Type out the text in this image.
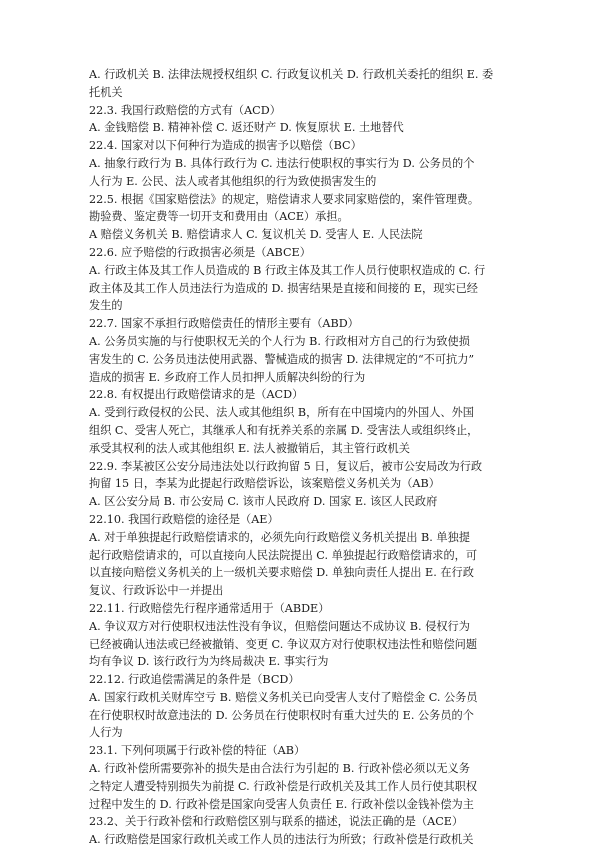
A. 行政机关 B. 法律法规授权组织 C. 行政复议机关 D. 行政机关委托的组织 E. 委
托机关
22.3. 我国行政赔偿的方式有（ACD）
A. 金钱赔偿 B. 精神补偿 C. 返还财产 D. 恢复原状 E. 土地替代
22.4. 国家对以下何种行为造成的损害予以赔偿（BC）
A. 抽象行政行为 B. 具体行政行为 C. 违法行使职权的事实行为 D. 公务员的个
人行为 E. 公民、法人或者其他组织的行为致使损害发生的
22.5. 根据《国家赔偿法》的规定，赔偿请求人要求同家赔偿的，案件管理费。
勘验费、鉴定费等一切开支和费用由（ACE）承担。
A 赔偿义务机关 B. 赔偿请求人 C. 复议机关 D. 受害人 E. 人民法院
22.6. 应予赔偿的行政损害必须是（ABCE）
A. 行政主体及其工作人员造成的 B 行政主体及其工作人员行使职权造成的 C. 行
政主体及其工作人员违法行为造成的 D. 损害结果是直接和间接的 E，现实已经
发生的
22.7. 国家不承担行政赔偿责任的情形主要有（ABD）
A. 公务员实施的与行使职权无关的个人行为 B. 行政相对方自己的行为致使损
害发生的 C. 公务员违法使用武器、警械造成的损害 D. 法律规定的“不可抗力”
造成的损害 E. 乡政府工作人员扣押人质解决纠纷的行为
22.8. 有权提出行政赔偿请求的是（ACD）
A. 受到行政侵权的公民、法人或其他组织 B，所有在中国境内的外国人、外国
组织 C、受害人死亡，其继承人和有抚养关系的亲属 D. 受害法人或组织终止，
承受其权利的法人或其他组织 E. 法人被撤销后，其主管行政机关
22.9. 李某被区公安分局违法处以行政拘留 5 日，复议后，被市公安局改为行政
拘留 15 日，李某为此提起行政赔偿诉讼，该案赔偿义务机关为（AB）
A. 区公安分局 B. 市公安局 C. 该市人民政府 D. 国家 E. 该区人民政府
22.10. 我国行政赔偿的途径是（AE）
A. 对于单独提起行政赔偿请求的，必须先向行政赔偿义务机关提出 B. 单独提
起行政赔偿请求的，可以直接向人民法院提出 C. 单独提起行政赔偿请求的，可
以直接向赔偿义务机关的上一级机关要求赔偿 D. 单独向责任人提出 E. 在行政
复议、行政诉讼中一并提出
22.11. 行政赔偿先行程序通常适用于（ABDE）
A. 争议双方对行使职权违法性没有争议，但赔偿问题达不成协议 B. 侵权行为
已经被确认违法或已经被撤销、变更 C. 争议双方对行使职权违法性和赔偿问题
均有争议 D. 该行政行为为终局裁决 E. 事实行为
22.12. 行政追偿需满足的条件是（BCD）
A. 国家行政机关财库空亏 B. 赔偿义务机关已向受害人支付了赔偿金 C. 公务员
在行使职权时故意违法的 D. 公务员在行使职权时有重大过失的 E. 公务员的个
人行为
23.1. 下列何项属于行政补偿的特征（AB）
A. 行政补偿所需要弥补的损失是由合法行为引起的 B. 行政补偿必须以无义务
之特定人遭受特别损失为前提 C. 行政补偿是行政机关及其工作人员行使其职权
过程中发生的 D. 行政补偿是国家向受害人负责任 E. 行政补偿以金钱补偿为主
23.2、关于行政补偿和行政赔偿区别与联系的描述，说法正确的是（ACE）
A. 行政赔偿是国家行政机关或工作人员的违法行为所致；行政补偿是行政机关
